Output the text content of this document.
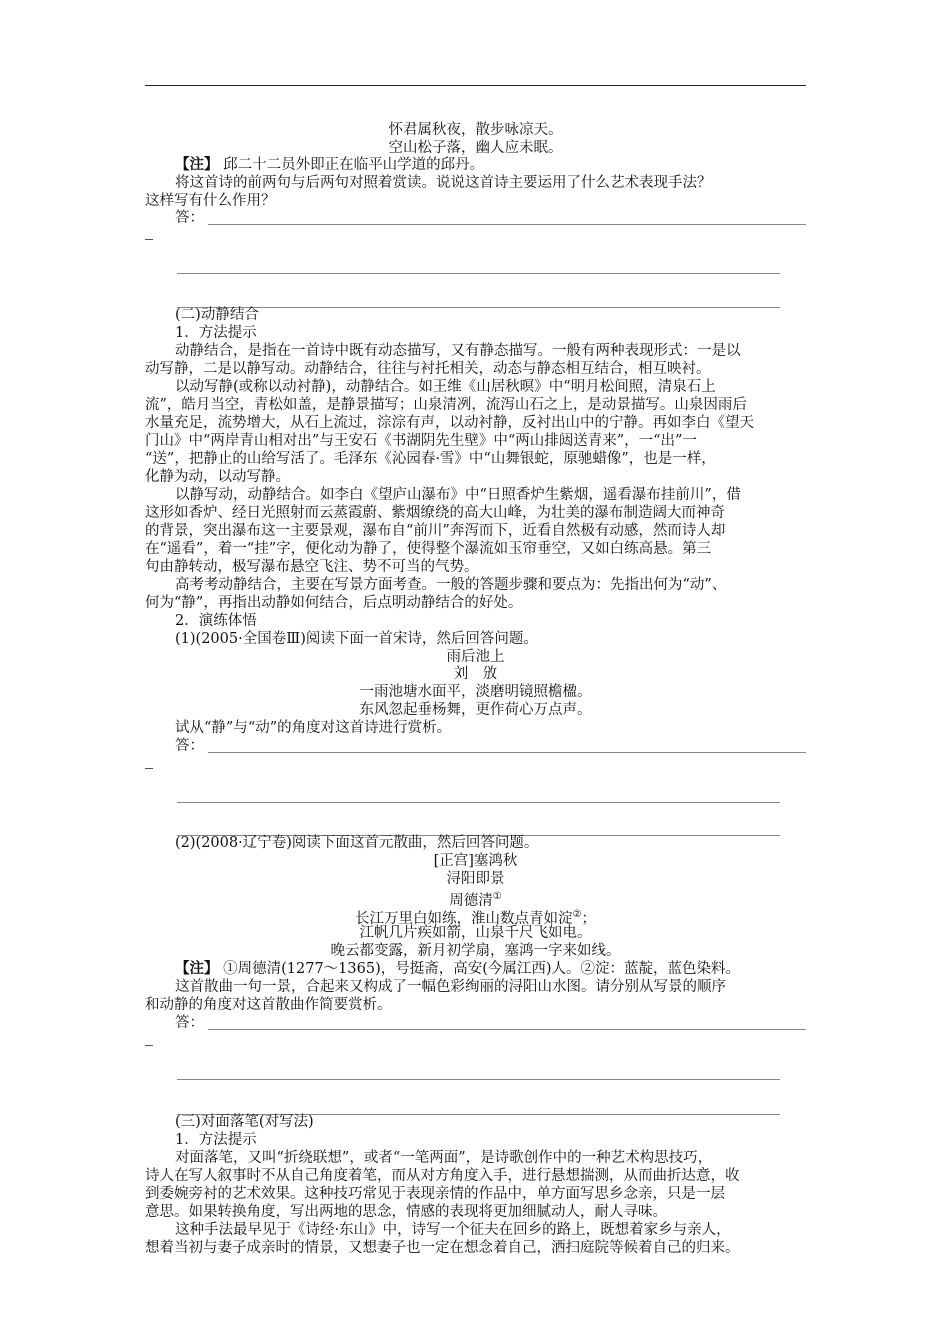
怀君属秋夜，散步咏凉天。
空山松子落，幽人应未眠。
【注】 邱二十二员外即正在临平山学道的邱丹。
将这首诗的前两句与后两句对照着赏读。说说这首诗主要运用了什么艺术表现手法？
这样写有什么作用？
答：
(二)动静结合
1．方法提示
动静结合，是指在一首诗中既有动态描写，又有静态描写。一般有两种表现形式：一是以
动写静，二是以静写动。动静结合，往往与衬托相关，动态与静态相互结合，相互映衬。
以动写静(或称以动衬静)，动静结合。如王维《山居秋暝》中“明月松间照，清泉石上
流”，皓月当空，青松如盖，是静景描写；山泉清冽，流泻山石之上，是动景描写。山泉因雨后
水量充足，流势增大，从石上流过，淙淙有声，以动衬静，反衬出山中的宁静。再如李白《望天
门山》中“两岸青山相对出”与王安石《书湖阴先生壁》中“两山排闼送青来”，一“出”一
“送”，把静止的山给写活了。毛泽东《沁园春·雪》中“山舞银蛇，原驰蜡像”，也是一样，
化静为动，以动写静。
以静写动，动静结合。如李白《望庐山瀑布》中“日照香炉生紫烟，遥看瀑布挂前川”，借
这形如香炉、经日光照射而云蒸霞蔚、紫烟缭绕的高大山峰，为壮美的瀑布制造阔大而神奇
的背景，突出瀑布这一主要景观，瀑布自“前川”奔泻而下，近看自然极有动感，然而诗人却
在“遥看”，着一“挂”字，便化动为静了，使得整个瀑流如玉帘垂空，又如白练高悬。第三
句由静转动，极写瀑布悬空飞注、势不可当的气势。
高考考动静结合，主要在写景方面考查。一般的答题步骤和要点为：先指出何为“动”、
何为“静”，再指出动静如何结合，后点明动静结合的好处。
2．演练体悟
(1)(2005·全国卷Ⅲ)阅读下面一首宋诗，然后回答问题。
雨后池上
刘　攽
一雨池塘水面平，淡磨明镜照檐楹。
东风忽起垂杨舞，更作荷心万点声。
试从“静”与“动”的角度对这首诗进行赏析。
答：
(2)(2008·辽宁卷)阅读下面这首元散曲，然后回答问题。
[正宫]塞鸿秋
浔阳即景
周德清①
长江万里白如练，淮山数点青如淀②；
江帆几片疾如箭，山泉千尺飞如电。
晚云都变露，新月初学扇，塞鸿一字来如线。
【注】 ①周德清(1277～1365)，号挺斋，高安(今属江西)人。②淀：蓝靛，蓝色染料。
这首散曲一句一景，合起来又构成了一幅色彩绚丽的浔阳山水图。请分别从写景的顺序
和动静的角度对这首散曲作简要赏析。
答：
(三)对面落笔(对写法)
1．方法提示
对面落笔，又叫“折绕联想”，或者“一笔两面”，是诗歌创作中的一种艺术构思技巧，
诗人在写人叙事时不从自己角度着笔，而从对方角度入手，进行悬想揣测，从而曲折达意，收
到委婉旁衬的艺术效果。这种技巧常见于表现亲情的作品中，单方面写思乡念亲，只是一层
意思。如果转换角度，写出两地的思念，情感的表现将更加细腻动人，耐人寻味。
这种手法最早见于《诗经·东山》中，诗写一个征夫在回乡的路上，既想着家乡与亲人，
想着当初与妻子成亲时的情景，又想妻子也一定在想念着自己，洒扫庭院等候着自己的归来。
